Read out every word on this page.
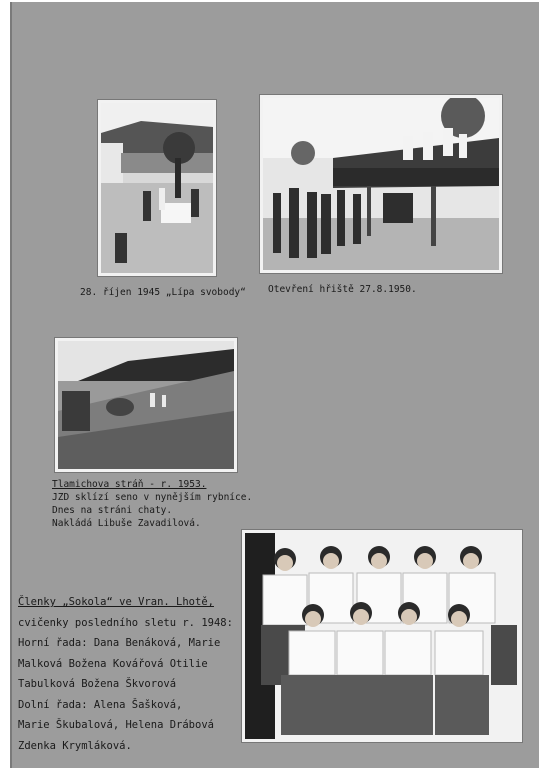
28. říjen 1945 „Lípa svobody“ Otevření hřiště 27.8.1950.
Tlamichova stráň - r. 1953.
JZD sklízí seno v nynějším rybníce.
Dnes na stráni chaty.
Nakládá Libuše Zavadilová.
Členky „Sokola“ ve Vran. Lhotě,
cvičenky posledního sletu r. 1948:
Horní řada: Dana Benáková, Marie
Malková Božena Kovářová Otilie
Tabulková Božena Škvorová
Dolní řada: Alena Šašková,
Marie Škubalová, Helena Drábová
Zdenka Krymláková.
